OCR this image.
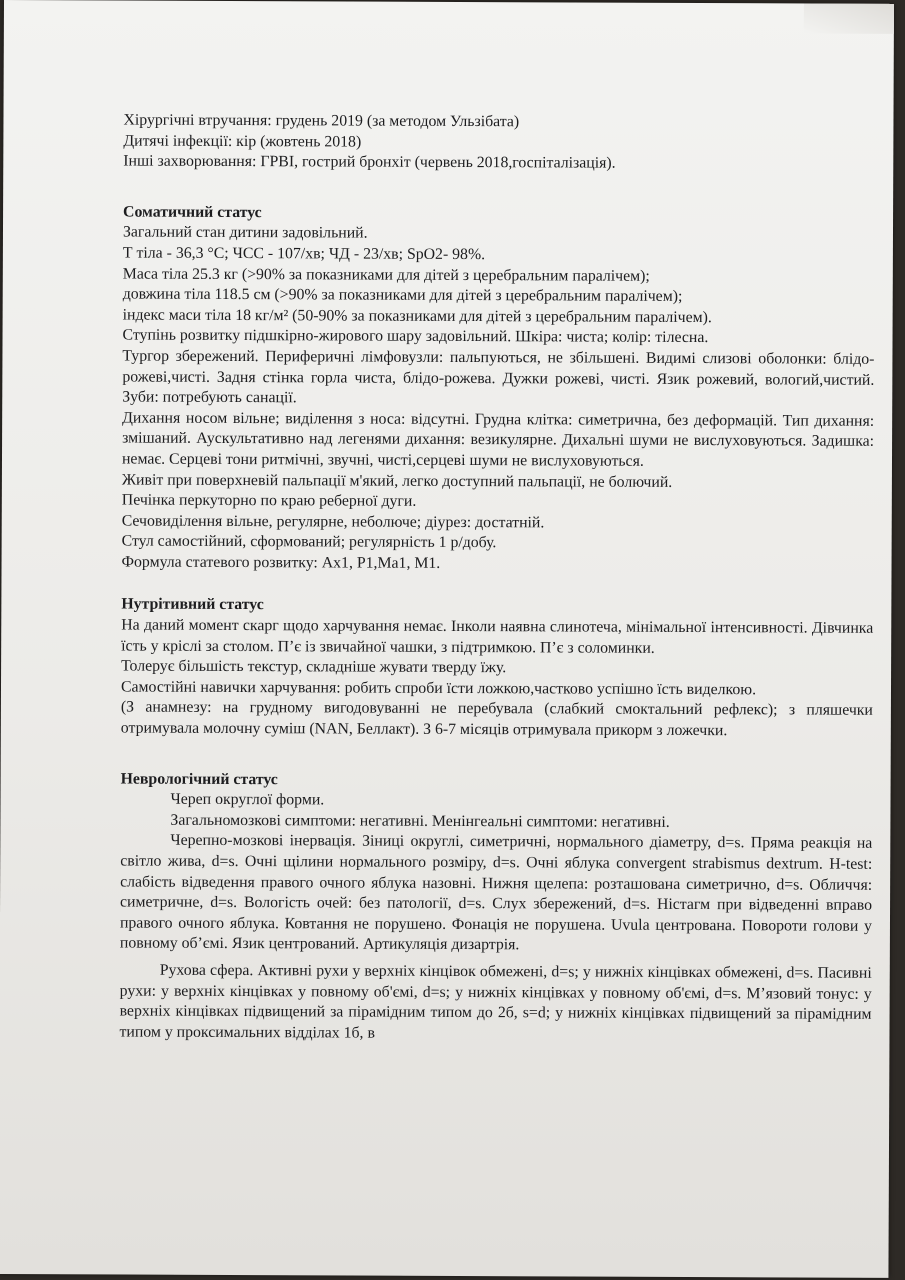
Хірургічні втручання: грудень 2019 (за методом Ульзібата)
Дитячі інфекції: кір (жовтень 2018)
Інші захворювання: ГРВІ, гострий бронхіт (червень 2018,госпіталізація).
Соматичний статус
Загальний стан дитини задовільний.
Т тіла - 36,3 °С; ЧСС - 107/хв; ЧД - 23/хв; SpO2- 98%.
Маса тіла 25.3 кг (>90% за показниками для дітей з церебральним паралічем);
довжина тіла 118.5 см (>90% за показниками для дітей з церебральним паралічем);
індекс маси тіла 18 кг/м² (50-90% за показниками для дітей з церебральним паралічем).
Ступінь розвитку підшкірно-жирового шару задовільний. Шкіра: чиста; колір: тілесна.

Тургор збережений. Периферичні лімфовузли: пальпуються, не збільшені. Видимі слизові оболонки: блідо-рожеві,чисті. Задня стінка горла чиста, блідо-рожева. Дужки рожеві, чисті. Язик рожевий, вологий,чистий. Зуби: потребують санації.

Дихання носом вільне; виділення з носа: відсутні. Грудна клітка: симетрична, без деформацій. Тип дихання: змішаний. Аускультативно над легенями дихання: везикулярне. Дихальні шуми не вислуховуються. Задишка: немає. Серцеві тони ритмічні, звучні, чисті,серцеві шуми не вислуховуються.

Живіт при поверхневій пальпації м'який, легко доступний пальпації, не болючий.
Печінка перкуторно по краю реберної дуги.
Сечовиділення вільне, регулярне, неболюче; діурез: достатній.
Стул самостійний, сформований; регулярність 1 р/добу.
Формула статевого розвитку: Ax1, P1,Ma1, M1.
Нутрітивний статус

На даний момент скарг щодо харчування немає. Інколи наявна слинотеча, мінімальної інтенсивності. Дівчинка їсть у кріслі за столом. П’є із звичайної чашки, з підтримкою. П’є з соломинки.

Толерує більшість текстур, складніше жувати тверду їжу.

Самостійні навички харчування: робить спроби їсти ложкою,частково успішно їсть виделкою.

(З анамнезу: на грудному вигодовуванні не перебувала (слабкий смоктальний рефлекс); з пляшечки отримувала молочну суміш (NAN, Беллакт). З 6-7 місяців отримувала прикорм з ложечки.

Неврологічний статус

Череп округлої форми.

Загальномозкові симптоми: негативні. Менінгеальні симптоми: негативні.

Черепно-мозкові інервація. Зіниці округлі, симетричні, нормального діаметру, d=s. Пряма реакція на світло жива, d=s. Очні щілини нормального розміру, d=s. Очні яблука convergent strabismus dextrum. H-test: слабість відведення правого очного яблука назовні. Нижня щелепа: розташована симетрично, d=s. Обличчя: симетричне, d=s. Вологість очей: без патології, d=s. Слух збережений, d=s. Ністагм при відведенні вправо правого очного яблука. Ковтання не порушено. Фонація не порушена. Uvula центрована. Повороти голови у повному об’ємі. Язик центрований. Артикуляція дизартрія.

Рухова сфера. Активні рухи у верхніх кінцівок обмежені, d=s; у нижніх кінцівках обмежені, d=s. Пасивні рухи: у верхніх кінцівках у повному об'ємі, d=s; у нижніх кінцівках у повному об'ємі, d=s. М’язовий тонус: у верхніх кінцівках підвищений за пірамідним типом до 2б, s=d; у нижніх кінцівках підвищений за пірамідним типом у проксимальних відділах 1б, в
